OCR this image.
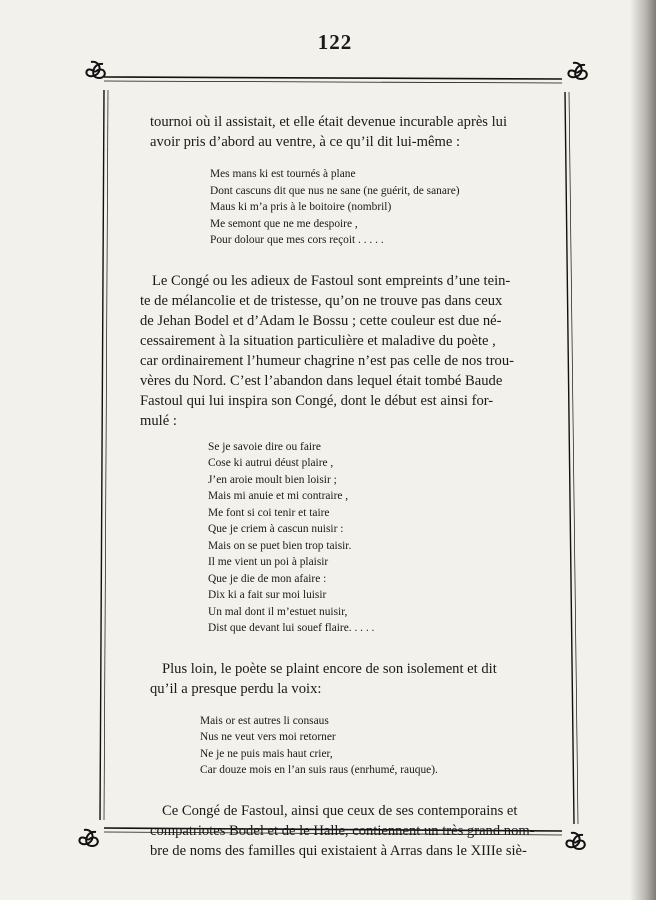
122

tournoi où il assistait, et elle était devenue incurable après lui
avoir pris d’abord au ventre, à ce qu’il dit lui-même :

Mes mans ki est tournés à plane
Dont cascuns dit que nus ne sane (ne guérit, de sanare)
Maus ki m’a pris à le boitoire (nombril)
Me semont que ne me despoire ,
Pour dolour que mes cors reçoit . . . . .

Le Congé ou les adieux de Fastoul sont empreints d’une tein-
te de mélancolie et de tristesse, qu’on ne trouve pas dans ceux
de Jehan Bodel et d’Adam le Bossu ; cette couleur est due né-
cessairement à la situation particulière et maladive du poète ,
car ordinairement l’humeur chagrine n’est pas celle de nos trou-
vères du Nord. C’est l’abandon dans lequel était tombé Baude
Fastoul qui lui inspira son Congé, dont le début est ainsi for-
mulé :

Se je savoie dire ou faire
Cose ki autrui déust plaire ,
J’en aroie moult bien loisir ;
Mais mi anuie et mi contraire ,
Me font si coi tenir et taire
Que je criem à cascun nuisir :
Mais on se puet bien trop taisir.
Il me vient un poi à plaisir
Que je die de mon afaire :
Dix ki a fait sur moi luisir
Un mal dont il m’estuet nuisir,
Dist que devant lui souef flaire. . . . .

Plus loin, le poète se plaint encore de son isolement et dit
qu’il a presque perdu la voix:

Mais or est autres li consaus
Nus ne veut vers moi retorner
Ne je ne puis mais haut crier,
Car douze mois en l’an suis raus (enrhumé, rauque).

Ce Congé de Fastoul, ainsi que ceux de ses contemporains et
compatriotes Bodel et de le Halle, contiennent un très grand nom-
bre de noms des familles qui existaient à Arras dans le XIIIe siè-
